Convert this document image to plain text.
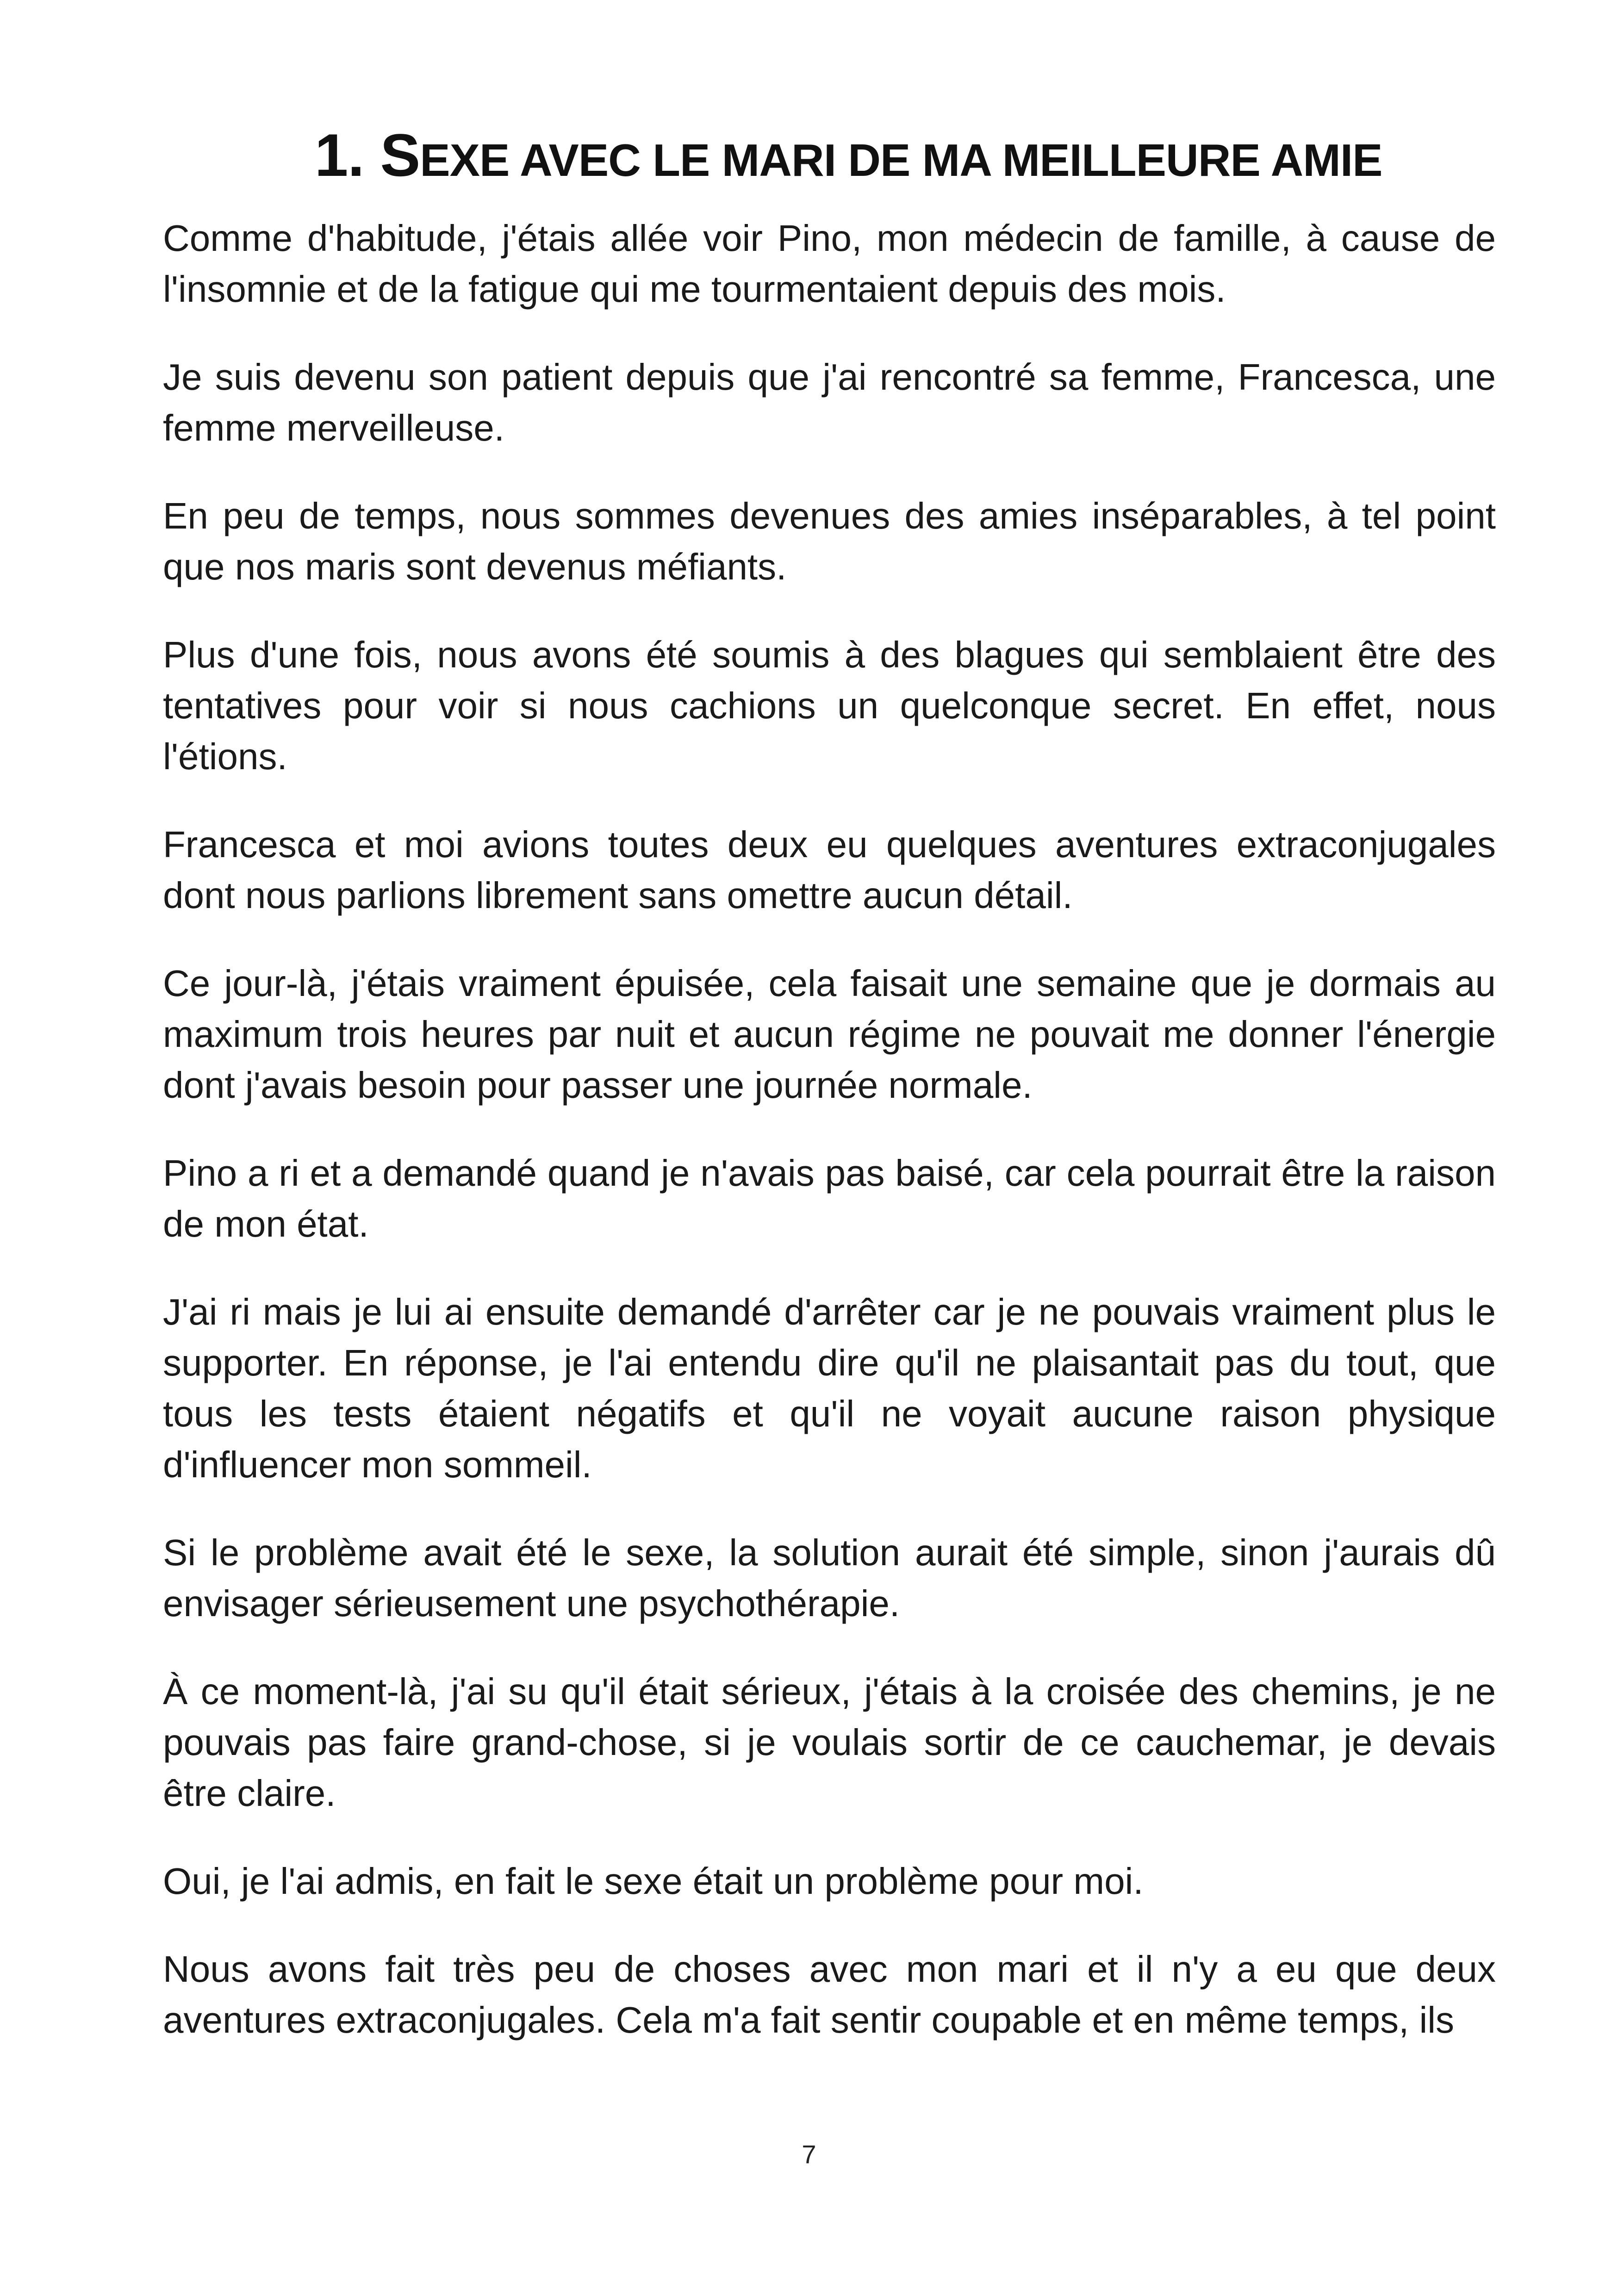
1. SEXE AVEC LE MARI DE MA MEILLEURE AMIE

Comme d'habitude, j'étais allée voir Pino, mon médecin de famille, à cause de l'insomnie et de la fatigue qui me tourmentaient depuis des mois.

Je suis devenu son patient depuis que j'ai rencontré sa femme, Francesca, une femme merveilleuse.

En peu de temps, nous sommes devenues des amies inséparables, à tel point que nos maris sont devenus méfiants.

Plus d'une fois, nous avons été soumis à des blagues qui semblaient être des tentatives pour voir si nous cachions un quelconque secret. En effet, nous l'étions.

Francesca et moi avions toutes deux eu quelques aventures extraconjugales dont nous parlions librement sans omettre aucun détail.

Ce jour-là, j'étais vraiment épuisée, cela faisait une semaine que je dormais au maximum trois heures par nuit et aucun régime ne pouvait me donner l'énergie dont j'avais besoin pour passer une journée normale.

Pino a ri et a demandé quand je n'avais pas baisé, car cela pourrait être la raison de mon état.

J'ai ri mais je lui ai ensuite demandé d'arrêter car je ne pouvais vraiment plus le supporter. En réponse, je l'ai entendu dire qu'il ne plaisantait pas du tout, que tous les tests étaient négatifs et qu'il ne voyait aucune raison physique d'influencer mon sommeil.

Si le problème avait été le sexe, la solution aurait été simple, sinon j'aurais dû envisager sérieusement une psychothérapie.

À ce moment-là, j'ai su qu'il était sérieux, j'étais à la croisée des chemins, je ne pouvais pas faire grand-chose, si je voulais sortir de ce cauchemar, je devais être claire.

Oui, je l'ai admis, en fait le sexe était un problème pour moi.

Nous avons fait très peu de choses avec mon mari et il n'y a eu que deux aventures extraconjugales. Cela m'a fait sentir coupable et en même temps, ils

7
